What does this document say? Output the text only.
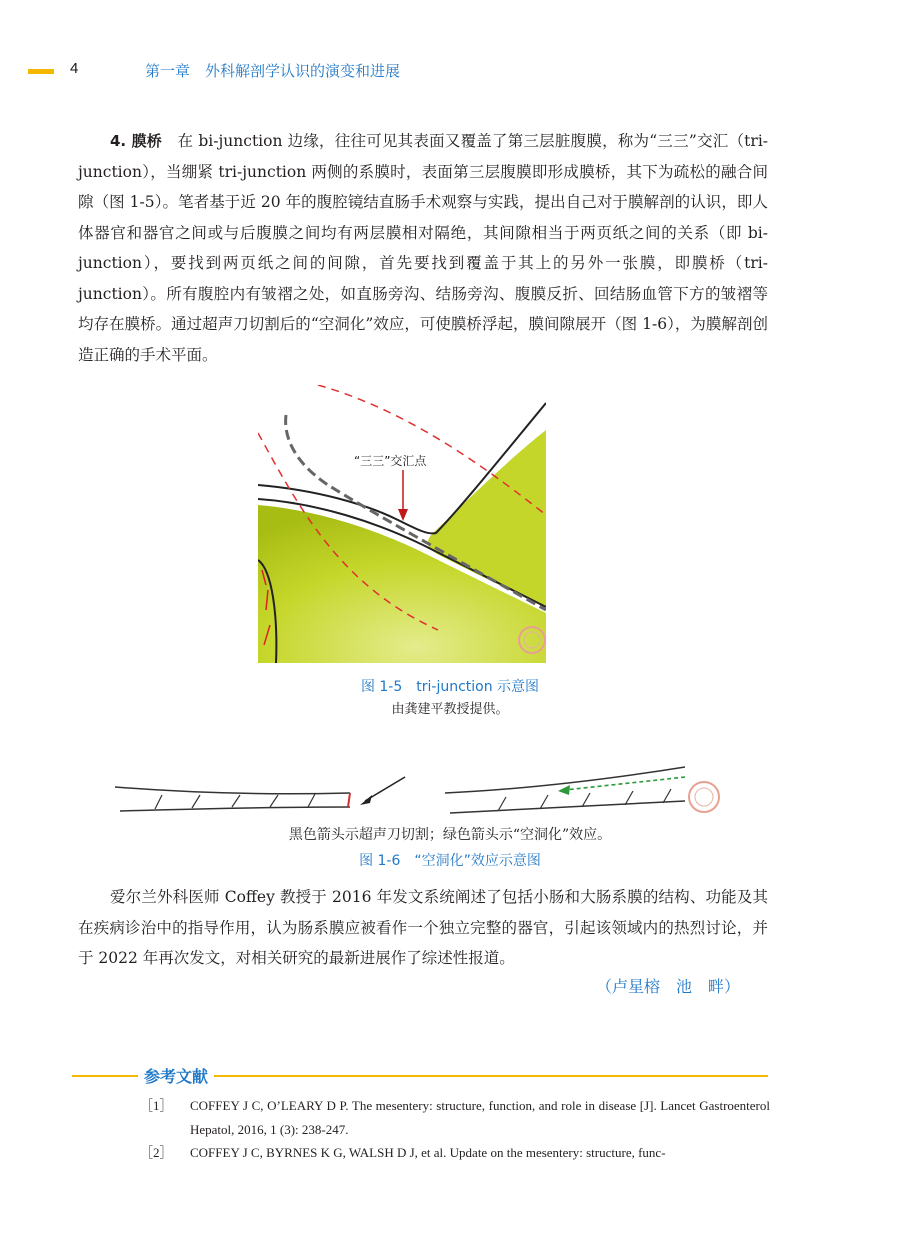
4	第一章　外科解剖学认识的演变和进展
4. 膜桥 在 bi-junction 边缘，往往可见其表面又覆盖了第三层脏腹膜，称为“三三”交汇（tri-junction），当绷紧 tri-junction 两侧的系膜时，表面第三层腹膜即形成膜桥，其下为疏松的融合间隙（图 1-5）。笔者基于近 20 年的腹腔镜结直肠手术观察与实践，提出自己对于膜解剖的认识，即人体器官和器官之间或与后腹膜之间均有两层膜相对隔绝，其间隙相当于两页纸之间的关系（即 bi-junction），要找到两页纸之间的间隙，首先要找到覆盖于其上的另外一张膜，即膜桥（tri-junction）。所有腹腔内有皱褶之处，如直肠旁沟、结肠旁沟、腹膜反折、回结肠血管下方的皱褶等均存在膜桥。通过超声刀切割后的“空洞化”效应，可使膜桥浮起，膜间隙展开（图 1-6），为膜解剖创造正确的手术平面。
“三三”交汇点
图 1-5　tri-junction 示意图
由龚建平教授提供。
黑色箭头示超声刀切割；绿色箭头示“空洞化”效应。
图 1-6　“空洞化”效应示意图
爱尔兰外科医师 Coffey 教授于 2016 年发文系统阐述了包括小肠和大肠系膜的结构、功能及其在疾病诊治中的指导作用，认为肠系膜应被看作一个独立完整的器官，引起该领域内的热烈讨论，并于 2022 年再次发文，对相关研究的最新进展作了综述性报道。
（卢星榕　池　畔）
参考文献
［1］ COFFEY J C, O’LEARY D P. The mesentery: structure, function, and role in disease [J]. Lancet Gastroenterol Hepatol, 2016, 1 (3): 238-247.
［2］ COFFEY J C, BYRNES K G, WALSH D J, et al. Update on the mesentery: structure, func-
